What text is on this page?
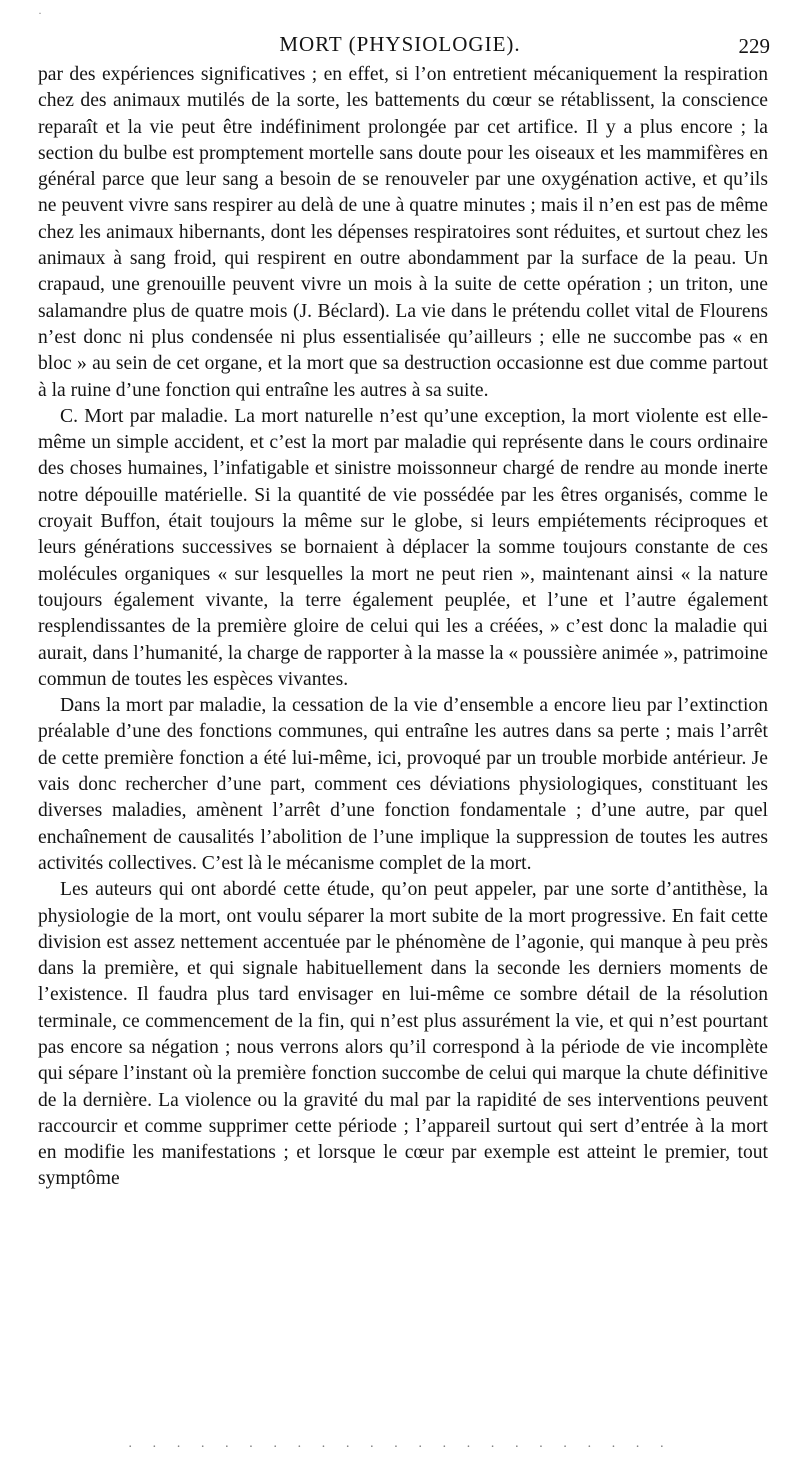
·
MORT (PHYSIOLOGIE).	229

par des expériences significatives ; en effet, si l’on entretient mécaniquement la respiration chez des animaux mutilés de la sorte, les battements du cœur se rétablissent, la conscience reparaît et la vie peut être indéfiniment prolongée par cet artifice. Il y a plus encore ; la section du bulbe est promptement mortelle sans doute pour les oiseaux et les mammifères en général parce que leur sang a besoin de se renouveler par une oxygénation active, et qu’ils ne peuvent vivre sans respirer au delà de une à quatre minutes ; mais il n’en est pas de même chez les animaux hibernants, dont les dépenses respiratoires sont réduites, et surtout chez les animaux à sang froid, qui respirent en outre abondamment par la surface de la peau. Un crapaud, une grenouille peuvent vivre un mois à la suite de cette opération ; un triton, une salamandre plus de quatre mois (J. Béclard). La vie dans le prétendu collet vital de Flourens n’est donc ni plus condensée ni plus essentialisée qu’ailleurs ; elle ne succombe pas « en bloc » au sein de cet organe, et la mort que sa destruction occasionne est due comme partout à la ruine d’une fonction qui entraîne les autres à sa suite.

C. Mort par maladie. La mort naturelle n’est qu’une exception, la mort violente est elle-même un simple accident, et c’est la mort par maladie qui représente dans le cours ordinaire des choses humaines, l’infatigable et sinistre moissonneur chargé de rendre au monde inerte notre dépouille matérielle. Si la quantité de vie possédée par les êtres organisés, comme le croyait Buffon, était toujours la même sur le globe, si leurs empiétements réciproques et leurs générations successives se bornaient à déplacer la somme toujours constante de ces molécules organiques « sur lesquelles la mort ne peut rien », maintenant ainsi « la nature toujours également vivante, la terre également peuplée, et l’une et l’autre également resplendissantes de la première gloire de celui qui les a créées, » c’est donc la maladie qui aurait, dans l’humanité, la charge de rapporter à la masse la « poussière animée », patrimoine commun de toutes les espèces vivantes.

Dans la mort par maladie, la cessation de la vie d’ensemble a encore lieu par l’extinction préalable d’une des fonctions communes, qui entraîne les autres dans sa perte ; mais l’arrêt de cette première fonction a été lui-même, ici, provoqué par un trouble morbide antérieur. Je vais donc rechercher d’une part, comment ces déviations physiologiques, constituant les diverses maladies, amènent l’arrêt d’une fonction fondamentale ; d’une autre, par quel enchaînement de causalités l’abolition de l’une implique la suppression de toutes les autres activités collectives. C’est là le mécanisme complet de la mort.

Les auteurs qui ont abordé cette étude, qu’on peut appeler, par une sorte d’antithèse, la physiologie de la mort, ont voulu séparer la mort subite de la mort progressive. En fait cette division est assez nettement accentuée par le phénomène de l’agonie, qui manque à peu près dans la première, et qui signale habituellement dans la seconde les derniers moments de l’existence. Il faudra plus tard envisager en lui-même ce sombre détail de la résolution terminale, ce commencement de la fin, qui n’est plus assurément la vie, et qui n’est pourtant pas encore sa négation ; nous verrons alors qu’il correspond à la période de vie incomplète qui sépare l’instant où la première fonction succombe de celui qui marque la chute définitive de la dernière. La violence ou la gravité du mal par la rapidité de ses interventions peuvent raccourcir et comme supprimer cette période ; l’appareil surtout qui sert d’entrée à la mort en modifie les manifestations ; et lorsque le cœur par exemple est atteint le premier, tout symptôme

· · · · · · · · · · · · · · · · · · · · · · ·
